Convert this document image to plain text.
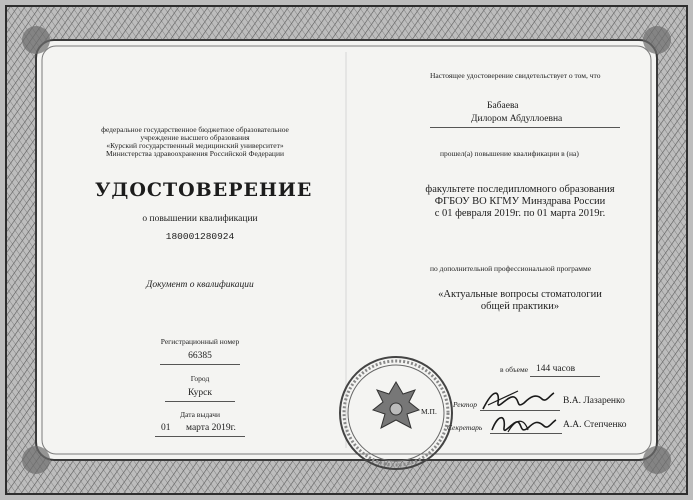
федеральное государственное бюджетное образовательное
учреждение высшего образования
«Курский государственный медицинский университет»
Министерства здравоохранения Российской Федерации
УДОСТОВЕРЕНИЕ
о повышении квалификации
180001280924
Документ о квалификации
Регистрационный номер
66385
Город
Курск
Дата выдачи
01 марта 2019г.
Настоящее удостоверение свидетельствует о том, что
Бабаева
Дилором Абдуллоевна
прошел(а) повышение квалификации в (на)
факультете последипломного образования
ФГБОУ ВО КГМУ Минздрава России
с 01 февраля 2019г. по 01 марта 2019г.
по дополнительной профессиональной программе
«Актуальные вопросы стоматологии
общей практики»
в объеме 144 часов
М.П.
Ректор	В.А. Лазаренко
Секретарь	А.А. Степченко
